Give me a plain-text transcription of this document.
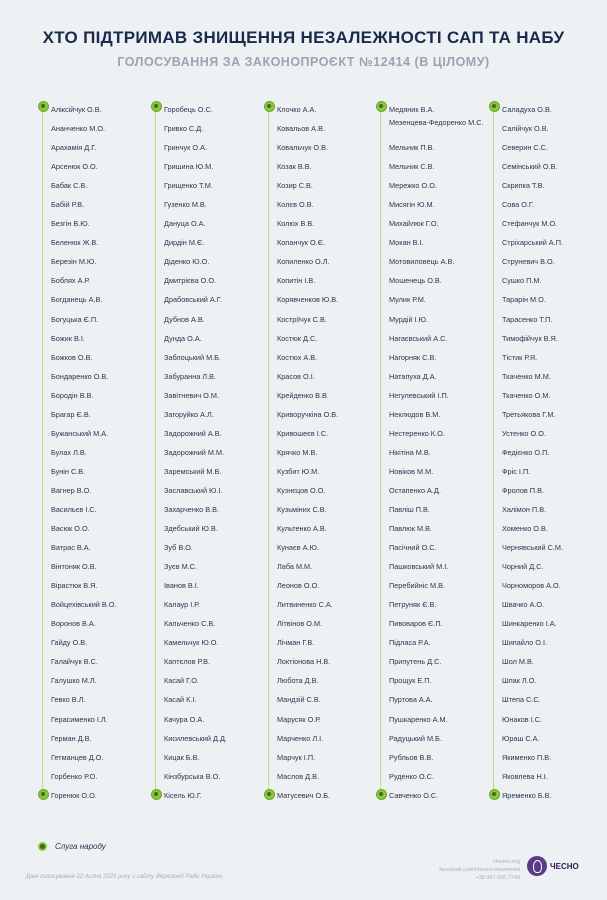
ХТО ПІДТРИМАВ ЗНИЩЕННЯ НЕЗАЛЕЖНОСТІ САП ТА НАБУ
ГОЛОСУВАННЯ ЗА ЗАКОНОПРОЄКТ №12414 (В ЦІЛОМУ)
Аліксійчук О.В.
Ананченко М.О.
Арахамія Д.Г.
Арсенюк О.О.
Бабак С.В.
Бабій Р.В.
Безгін В.Ю.
Беленюк Ж.В.
Березін М.Ю.
Боблях А.Р.
Богданець А.В.
Богуцька Є.П.
Божик В.І.
Божков О.В.
Бондаренко О.В.
Бородін В.В.
Брагар Є.В.
Бужанський М.А.
Булах Л.В.
Бунін С.В.
Вагнер В.О.
Васильєв І.С.
Васюк О.О.
Ватрас В.А.
Вінтоняк О.В.
Вірастюк В.Я.
Войцехівський В.О.
Воронов В.А.
Гайду О.В.
Галайчук В.С.
Галушко М.Л.
Гевко В.Л.
Герасименко І.Л.
Герман Д.В.
Гетманцев Д.О.
Горбенко Р.О.
Горенюк О.О.
Горобець О.С.
Гривко С.Д.
Гринчук О.А.
Гришина Ю.М.
Грищенко Т.М.
Гузенко М.В.
Дануца О.А.
Дирдін М.Є.
Діденко Ю.О.
Дмитрієва О.О.
Драбовський А.Г.
Дубнов А.В.
Дунда О.А.
Заблоцький М.Б.
Забуранна Л.В.
Завітневич О.М.
Загоруйко А.Л.
Задорожний А.В.
Задорожний М.М.
Заремський М.В.
Заславський Ю.І.
Захарченко В.В.
Здебський Ю.В.
Зуб В.О.
Зуєв М.С.
Іванов В.І.
Калаур І.Р.
Кальченко С.В.
Камельчук Ю.О.
Каптєлов Р.В.
Касай Г.О.
Касай К.І.
Качура О.А.
Кисилевський Д.Д.
Кицак Б.В.
Кінзбурська В.О.
Кісель Ю.Г.
Клочко А.А.
Ковальов А.В.
Ковальчук О.В.
Козак В.В.
Козир С.В.
Колєв О.В.
Колюх В.В.
Копанчук О.Є.
Копиленко О.Л.
Копитін І.В.
Корявченков Ю.В.
Костріїчук С.В.
Костюк Д.С.
Костюх А.В.
Красов О.І.
Крейденко В.В.
Криворучкіна О.В.
Кривошеєв І.С.
Крячко М.В.
Кузбит Ю.М.
Кузнєцов О.О.
Кузьміних С.В.
Культенко А.В.
Кунаєв А.Ю.
Лаба М.М.
Леонов О.О.
Литвиненко С.А.
Літвінов О.М.
Лічман Г.В.
Локтіонова Н.В.
Любота Д.В.
Мандзій С.В.
Марусяк О.Р.
Марченко Л.І.
Марчук І.П.
Маслов Д.В.
Матусевич О.Б.
Медяник В.А.
Мезенцева-Федоренко М.С.
Мельник П.В.
Мельник С.В.
Мережко О.О.
Мисягін Ю.М.
Михайлюк Г.О.
Мокан В.І.
Мотовиловець А.В.
Мошенець О.В.
Мулик Р.М.
Мурдій І.Ю.
Нагаєвський А.С.
Нагорняк С.В.
Натапуха Д.А.
Негулевський І.П.
Неклюдов В.М.
Нестеренко К.О.
Нікітіна М.В.
Новіков М.М.
Остапенко А.Д.
Павліш П.В.
Павлюк М.В.
Пасічний О.С.
Пашковський М.І.
Перебийніс М.В.
Петруняк Є.В.
Пивоваров Є.П.
Підласа Р.А.
Припутень Д.С.
Прощук Е.П.
Пуртова А.А.
Пушкаренко А.М.
Радуцький М.Б.
Рубльов В.В.
Руденко О.С.
Савченко О.С.
Саладуха О.В.
Салійчук О.В.
Северин С.С.
Семінський О.В.
Скрипка Т.В.
Сова О.Г.
Стефанчук М.О.
Стріхарський А.П.
Струневич В.О.
Сушко П.М.
Тарарін М.О.
Тарасенко Т.П.
Тимофійчук В.Я.
Тістик Р.Я.
Ткаченко М.М.
Ткаченко О.М.
Третьякова Г.М.
Устенко О.О.
Федієнко О.П.
Фріс І.П.
Фролов П.В.
Халімон П.В.
Хоменко О.В.
Чернявський С.М.
Чорний Д.С.
Чорноморов А.О.
Швачко А.О.
Шинкаренко І.А.
Шипайло О.І.
Шол М.В.
Шпак Л.О.
Штепа С.С.
Юнаков І.С.
Юраш С.А.
Якименко П.В.
Яковлева Н.І.
Яременко Б.В.
Слуга народу
Дані голосування 22 липня 2025 року з сайту Верховної Ради України
chesno.org
facebook.com/chesno.movement
+38 067 656 7749
ЧЕСНО
